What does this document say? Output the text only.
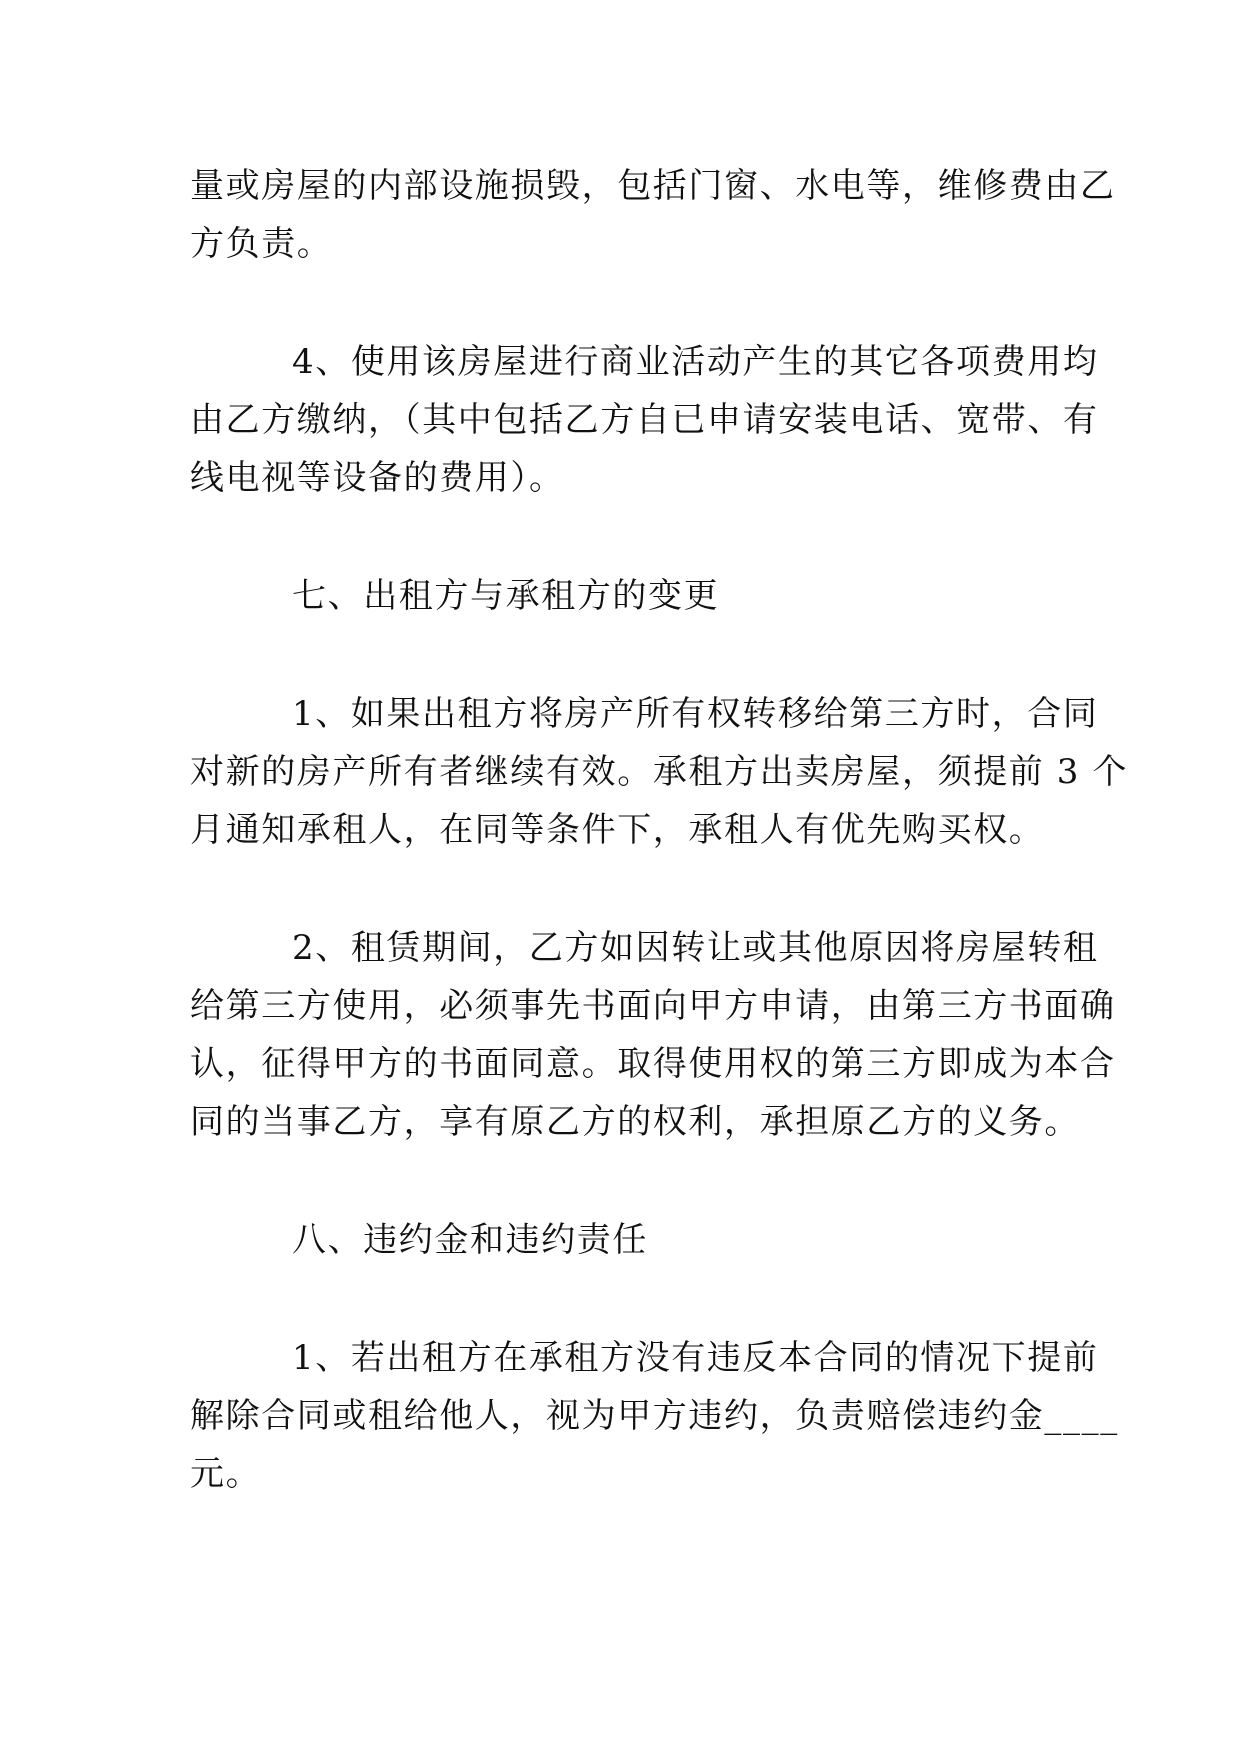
量或房屋的内部设施损毁，包括门窗、水电等，维修费由乙
方负责。
4、使用该房屋进行商业活动产生的其它各项费用均
由乙方缴纳，（其中包括乙方自已申请安装电话、宽带、有
线电视等设备的费用）。
七、出租方与承租方的变更
1、如果出租方将房产所有权转移给第三方时，合同
对新的房产所有者继续有效。承租方出卖房屋，须提前 3 个
月通知承租人，在同等条件下，承租人有优先购买权。
2、租赁期间，乙方如因转让或其他原因将房屋转租
给第三方使用，必须事先书面向甲方申请，由第三方书面确
认，征得甲方的书面同意。取得使用权的第三方即成为本合
同的当事乙方，享有原乙方的权利，承担原乙方的义务。
八、违约金和违约责任
1、若出租方在承租方没有违反本合同的情况下提前
解除合同或租给他人，视为甲方违约，负责赔偿违约金____
元。
